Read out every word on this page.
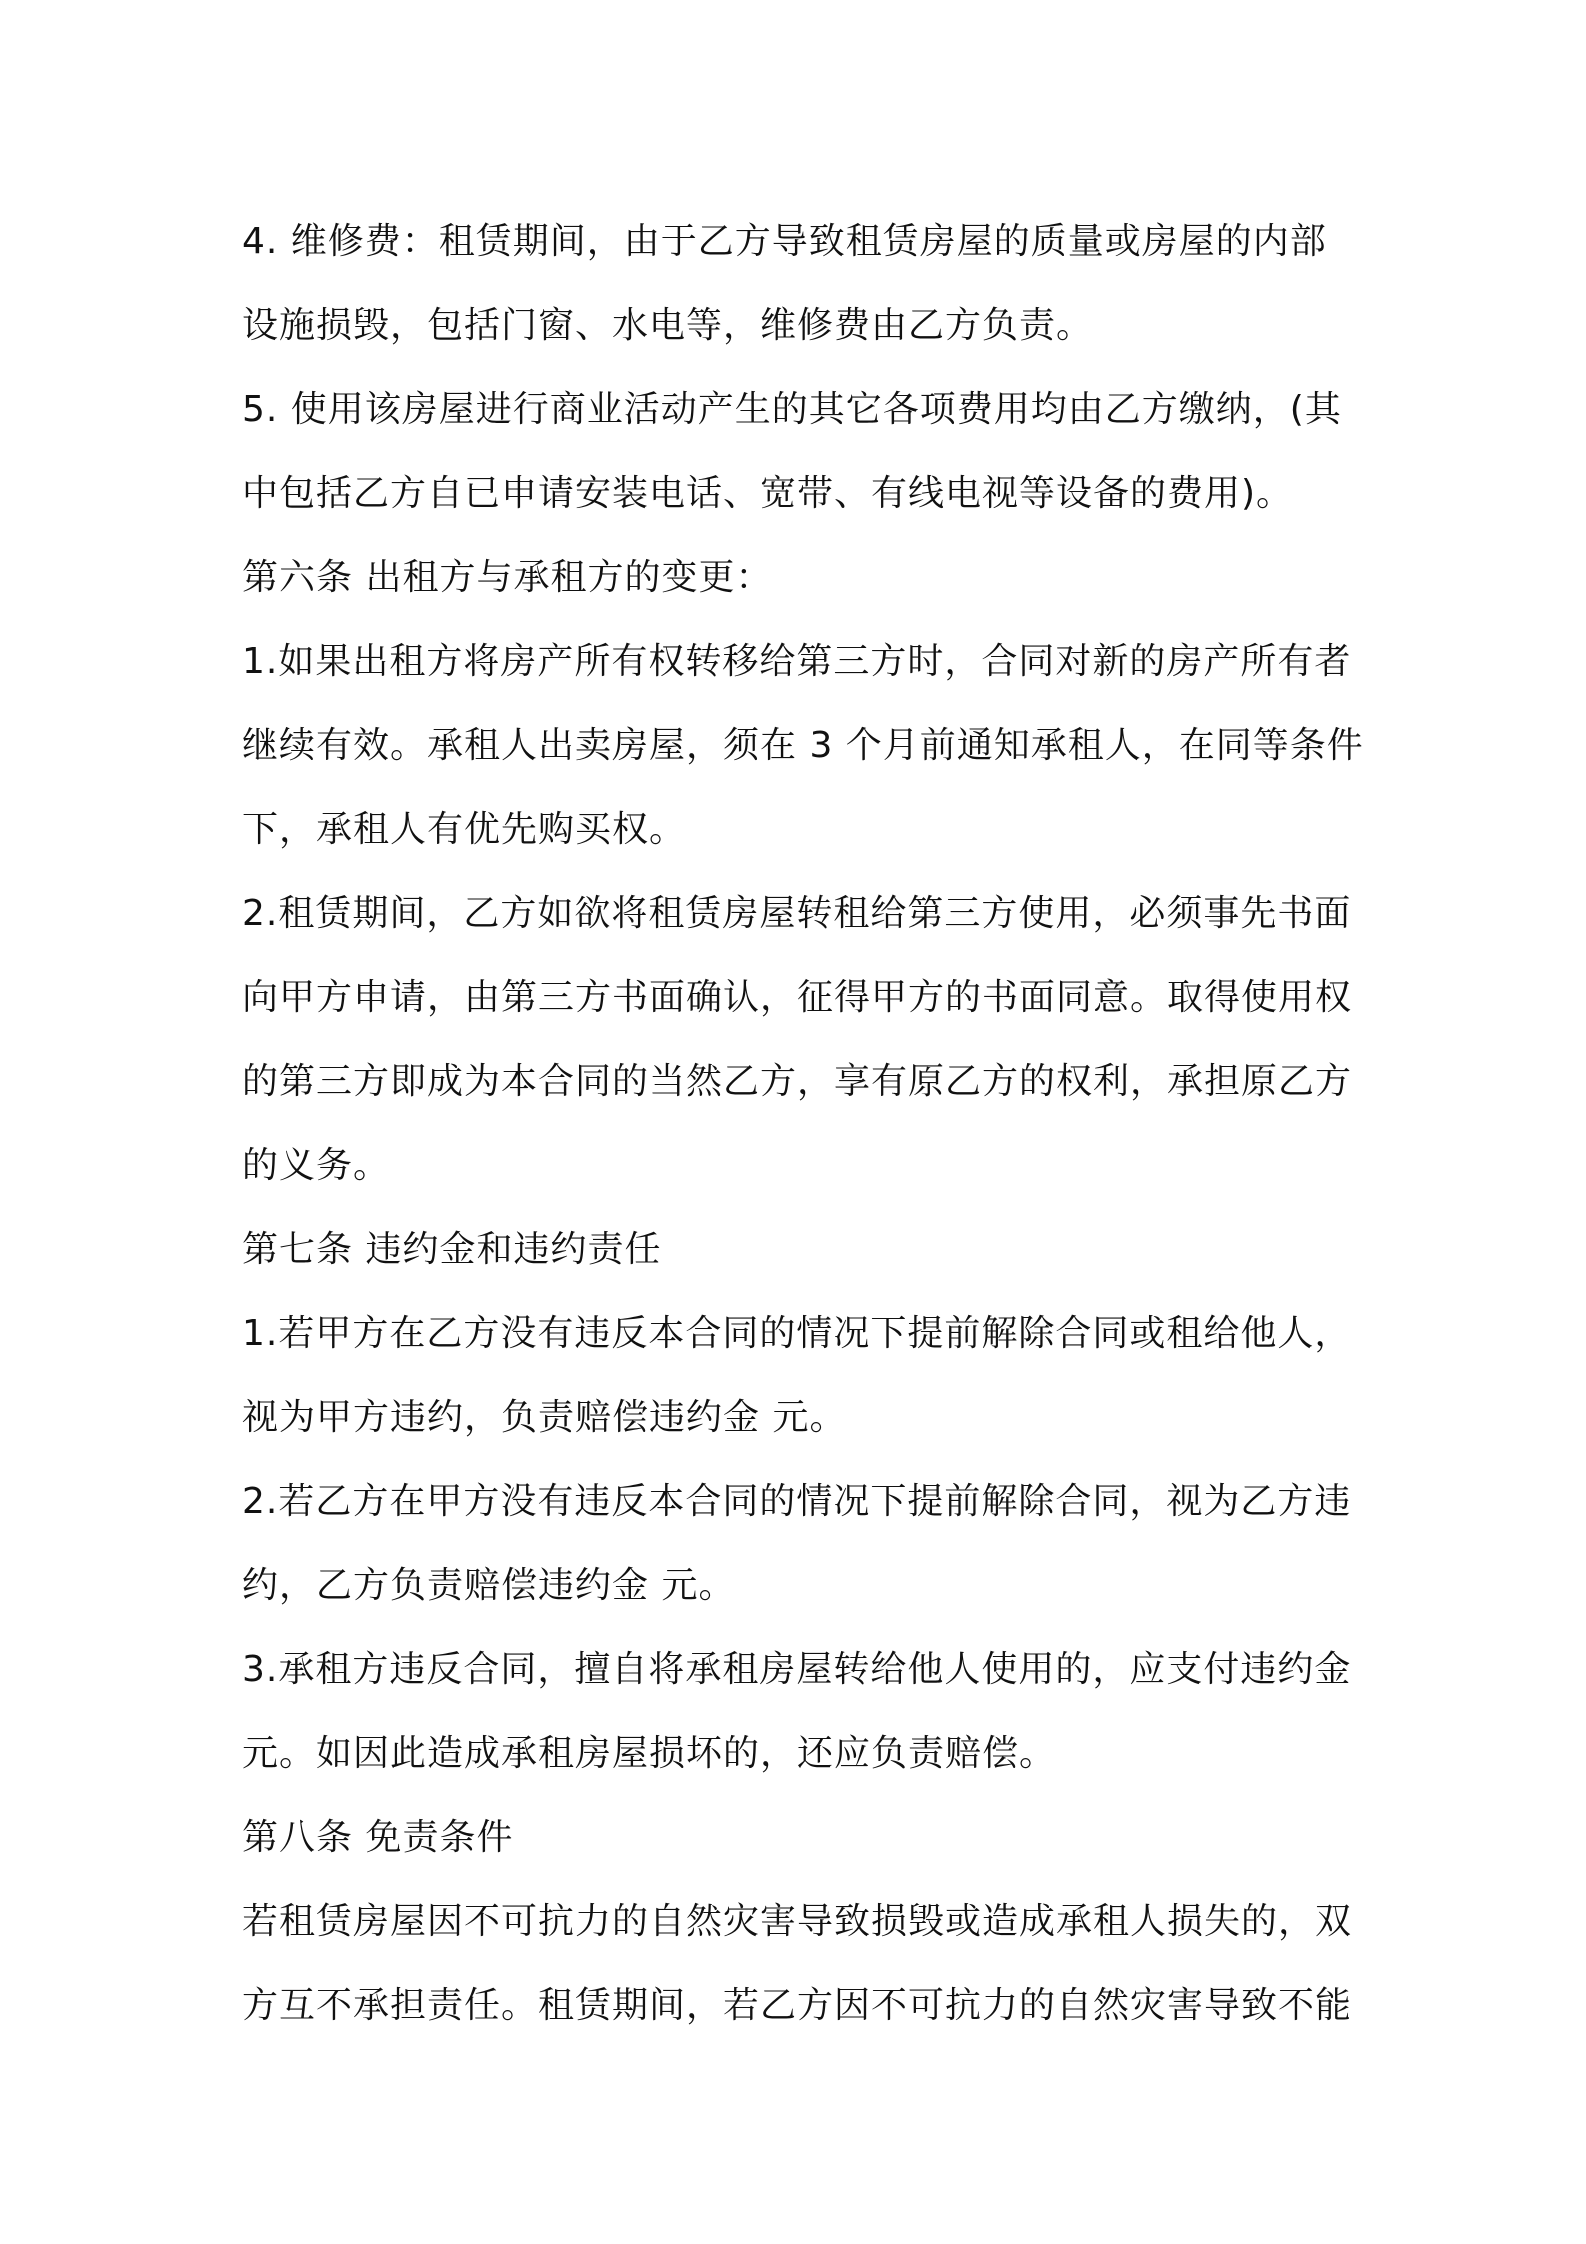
4. 维修费：租赁期间，由于乙方导致租赁房屋的质量或房屋的内部
设施损毁，包括门窗、水电等，维修费由乙方负责。
5. 使用该房屋进行商业活动产生的其它各项费用均由乙方缴纳，(其
中包括乙方自已申请安装电话、宽带、有线电视等设备的费用)。
第六条 出租方与承租方的变更：
1.如果出租方将房产所有权转移给第三方时，合同对新的房产所有者
继续有效。承租人出卖房屋，须在 3 个月前通知承租人，在同等条件
下，承租人有优先购买权。
2.租赁期间，乙方如欲将租赁房屋转租给第三方使用，必须事先书面
向甲方申请，由第三方书面确认，征得甲方的书面同意。取得使用权
的第三方即成为本合同的当然乙方，享有原乙方的权利，承担原乙方
的义务。
第七条 违约金和违约责任
1.若甲方在乙方没有违反本合同的情况下提前解除合同或租给他人，
视为甲方违约，负责赔偿违约金 元。
2.若乙方在甲方没有违反本合同的情况下提前解除合同，视为乙方违
约，乙方负责赔偿违约金 元。
3.承租方违反合同，擅自将承租房屋转给他人使用的，应支付违约金
元。如因此造成承租房屋损坏的，还应负责赔偿。
第八条 免责条件
若租赁房屋因不可抗力的自然灾害导致损毁或造成承租人损失的，双
方互不承担责任。租赁期间，若乙方因不可抗力的自然灾害导致不能
